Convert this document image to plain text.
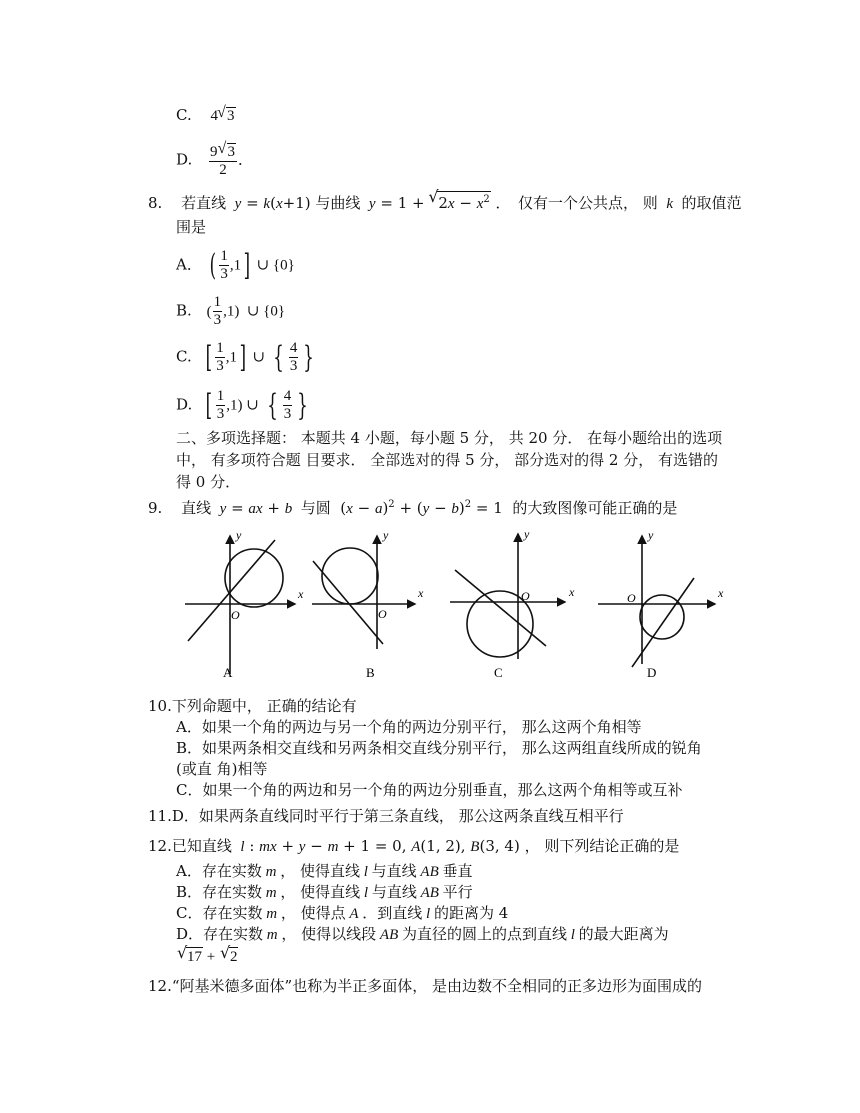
C. 4 √ 3
D. $\frac{9 √ 3}{2}$ ．
8. 若直线  y = k(x+1) 与曲线  y = 1 + √ $2x - x^2$ ．　仅有一个公共点， 则  k  的取值范
围是
A． ( $\frac{1}{3} ,1$] ∪ {0}
B. ( $\frac{1}{3} ,1$)  ∪ {0}
C. [ $\frac{1}{3} ,1$] ∪ { $\frac{4}{3}$ }
D. [ $\frac{1}{3} ,1$) ∪ { $\frac{4}{3}$ }
二、多项选择题： 本题共 4 小题，每小题 5 分， 共 20 分． 在每小题给出的选项
中， 有多项符合题 目要求． 全部选对的得 5 分， 部分选对的得 2 分， 有选错的
得 0 分．
9. 直线  y = ax + b  与圆  $(x - a)^2 + (y - b)^2 = 1$  的大致图像可能正确的是
x
y
O
A
x
y
O
B
x
y
O
C
x
y
O
D
10.下列命题中， 正确的结论有
A．如果一个角的两边与另一个角的两边分别平行， 那么这两个角相等
B．如果两条相交直线和另两条相交直线分别平行， 那么这两组直线所成的锐角
(或直 角)相等
C．如果一个角的两边和另一个角的两边分别垂直，那么这两个角相等或互补
11.D．如果两条直线同时平行于第三条直线， 那公这两条直线互相平行
12.已知直线  l : mx + y − m + 1 = 0, A(1, 2), B(3, 4) ， 则下列结论正确的是
A．存在实数 m ， 使得直线 l 与直线 AB 垂直
B．存在实数 m ， 使得直线 l 与直线 AB 平行
C．存在实数 m ， 使得点 A ．到直线 l 的距离为 4
D．存在实数 m ， 使得以线段 AB 为直径的圆上的点到直线 l 的最大距离为
√ 17 + √ 2
12.“阿基米德多面体”也称为半正多面体， 是由边数不全相同的正多边形为面围成的
